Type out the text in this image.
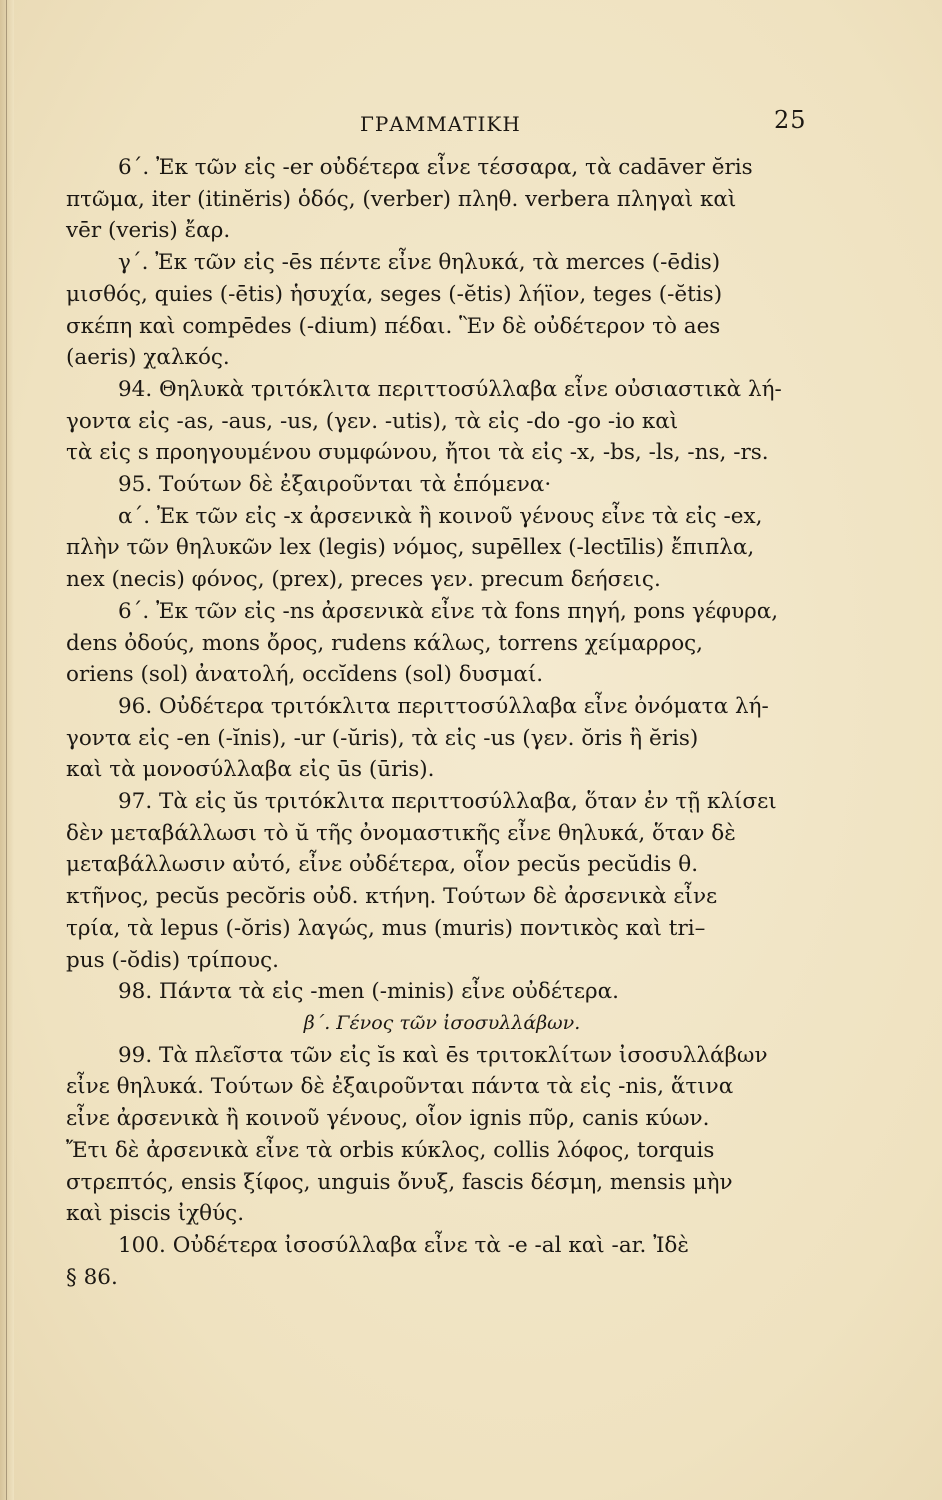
ΓΡΑΜΜΑΤΙΚΗ	25

6΄. Ἐκ τῶν εἰς -er οὐδέτερα εἶνε τέσσαρα, τὰ cadāver ĕris

πτῶμα, iter (itinĕris) ὁδός, (verber) πληθ. verbera πληγαὶ καὶ

vēr (veris) ἔαρ.

γ΄. Ἐκ τῶν εἰς -ēs πέντε εἶνε θηλυκά, τὰ merces (-ēdis)

μισθός, quies (-ētis) ἡσυχία, seges (-ĕtis) λήϊον, teges (-ĕtis)

σκέπη καὶ compēdes (-dium) πέδαι. Ἓν δὲ οὐδέτερον τὸ aes

(aeris) χαλκός.

94. Θηλυκὰ τριτόκλιτα περιττοσύλλαβα εἶνε οὐσιαστικὰ λή-

γοντα εἰς -as, -aus, -us, (γεν. -utis), τὰ εἰς -do -go -io καὶ

τὰ εἰς s προηγουμένου συμφώνου, ἤτοι τὰ εἰς -x, -bs, -ls, -ns, -rs.

95. Τούτων δὲ ἐξαιροῦνται τὰ ἑπόμενα·

α΄. Ἐκ τῶν εἰς -x ἀρσενικὰ ἢ κοινοῦ γένους εἶνε τὰ εἰς -ex,

πλὴν τῶν θηλυκῶν lex (legis) νόμος, supēllex (-lectīlis) ἔπιπλα,

nex (necis) φόνος, (prex), preces γεν. precum δεήσεις.

6΄. Ἐκ τῶν εἰς -ns ἀρσενικὰ εἶνε τὰ fons πηγή, pons γέφυρα,

dens ὀδούς, mons ὄρος, rudens κάλως, torrens χείμαρρος,

oriens (sol) ἀνατολή, occĭdens (sol) δυσμαί.

96. Οὐδέτερα τριτόκλιτα περιττοσύλλαβα εἶνε ὀνόματα λή-

γοντα εἰς -en (-ĭnis), -ur (-ŭris), τὰ εἰς -us (γεν. ŏris ἢ ĕris)

καὶ τὰ μονοσύλλαβα εἰς ūs (ūris).

97. Τὰ εἰς ŭs τριτόκλιτα περιττοσύλλαβα, ὅταν ἐν τῇ κλίσει

δὲν μεταβάλλωσι τὸ ŭ τῆς ὀνομαστικῆς εἶνε θηλυκά, ὅταν δὲ

μεταβάλλωσιν αὐτό, εἶνε οὐδέτερα, οἷον pecŭs pecŭdis θ.

κτῆνος, pecŭs pecŏris οὐδ. κτήνη. Τούτων δὲ ἀρσενικὰ εἶνε

τρία, τὰ lepus (-ŏris) λαγώς, mus (muris) ποντικὸς καὶ tri–

pus (-ŏdis) τρίπους.

98. Πάντα τὰ εἰς -men (-minis) εἶνε οὐδέτερα.

β΄. Γένος τῶν ἰσοσυλλάβων.

99. Τὰ πλεῖστα τῶν εἰς ĭs καὶ ēs τριτοκλίτων ἰσοσυλλάβων

εἶνε θηλυκά. Τούτων δὲ ἐξαιροῦνται πάντα τὰ εἰς -nis, ἅτινα

εἶνε ἀρσενικὰ ἢ κοινοῦ γένους, οἷον ignis πῦρ, canis κύων.

Ἔτι δὲ ἀρσενικὰ εἶνε τὰ orbis κύκλος, collis λόφος, torquis

στρεπτός, ensis ξίφος, unguis ὄνυξ, fascis δέσμη, mensis μὴν

καὶ piscis ἰχθύς.

100. Οὐδέτερα ἰσοσύλλαβα εἶνε τὰ -e -al καὶ -ar. Ἰδὲ

§ 86.
